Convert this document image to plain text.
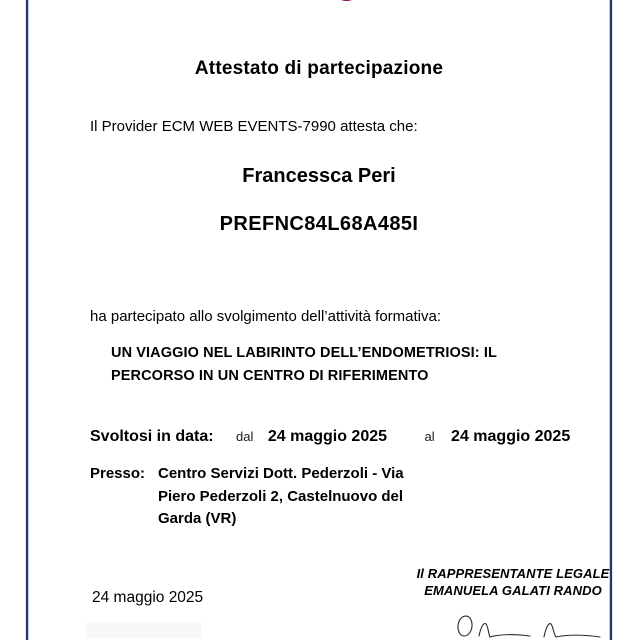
Attestato di partecipazione
Il Provider ECM WEB EVENTS-7990 attesta che:
Francessca Peri
PREFNC84L68A485I
ha partecipato allo svolgimento dell’attività formativa:
UN VIAGGIO NEL LABIRINTO DELL’ENDOMETRIOSI: IL PERCORSO IN UN CENTRO DI RIFERIMENTO
Svoltosi in data: dal 24 maggio 2025	al 24 maggio 2025
Presso: Centro Servizi Dott. Pederzoli - Via
Piero Pederzoli 2, Castelnuovo del
Garda (VR)
Il RAPPRESENTANTE LEGALE
EMANUELA GALATI RANDO
24 maggio 2025
